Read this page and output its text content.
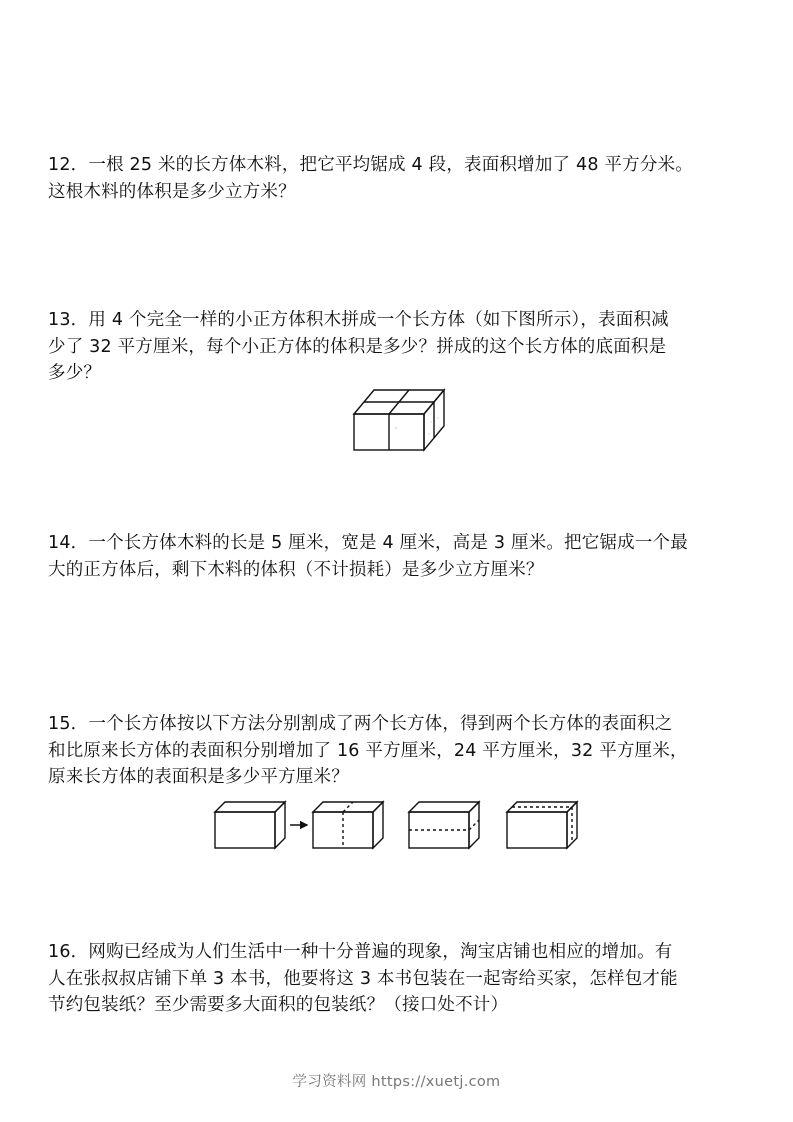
12．一根 25 米的长方体木料，把它平均锯成 4 段，表面积增加了 48 平方分米。

这根木料的体积是多少立方米？

13．用 4 个完全一样的小正方体积木拼成一个长方体（如下图所示），表面积减

少了 32 平方厘米，每个小正方体的体积是多少？拼成的这个长方体的底面积是

多少？

14．一个长方体木料的长是 5 厘米，宽是 4 厘米，高是 3 厘米。把它锯成一个最

大的正方体后，剩下木料的体积（不计损耗）是多少立方厘米？

15．一个长方体按以下方法分别割成了两个长方体，得到两个长方体的表面积之

和比原来长方体的表面积分别增加了 16 平方厘米，24 平方厘米，32 平方厘米，

原来长方体的表面积是多少平方厘米？

16．网购已经成为人们生活中一种十分普遍的现象，淘宝店铺也相应的增加。有

人在张叔叔店铺下单 3 本书，他要将这 3 本书包装在一起寄给买家，怎样包才能

节约包装纸？至少需要多大面积的包装纸？（接口处不计）

学习资料网 https://xuetj.com
